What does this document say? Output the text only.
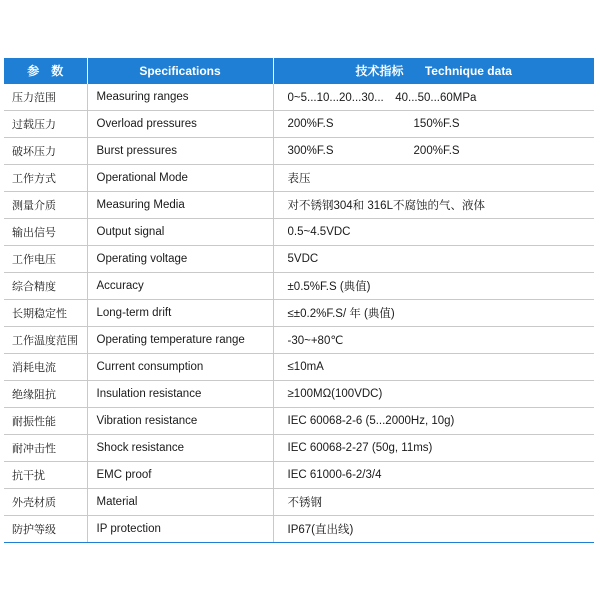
参　数	Specifications	技术指标 Technique data
压力范围	Measuring ranges	0~5...10...20...30...　40...50...60MPa
过载压力	Overload pressures	200%F.S 150%F.S
破坏压力	Burst pressures	300%F.S 200%F.S
工作方式	Operational Mode	表压
测量介质	Measuring Media	对不锈钢304和 316L不腐蚀的气、液体
输出信号	Output signal	0.5~4.5VDC
工作电压	Operating voltage	5VDC
综合精度	Accuracy	±0.5%F.S (典值)
长期稳定性	Long-term drift	≤±0.2%F.S/ 年 (典值)
工作温度范围	Operating temperature range	-30~+80℃
消耗电流	Current consumption	≤10mA
绝缘阻抗	Insulation resistance	≥100MΩ(100VDC)
耐振性能	Vibration resistance	IEC 60068-2-6 (5...2000Hz, 10g)
耐冲击性	Shock resistance	IEC 60068-2-27 (50g, 11ms)
抗干扰	EMC proof	IEC 61000-6-2/3/4
外壳材质	Material	不锈钢
防护等级	IP protection	IP67(直出线)
